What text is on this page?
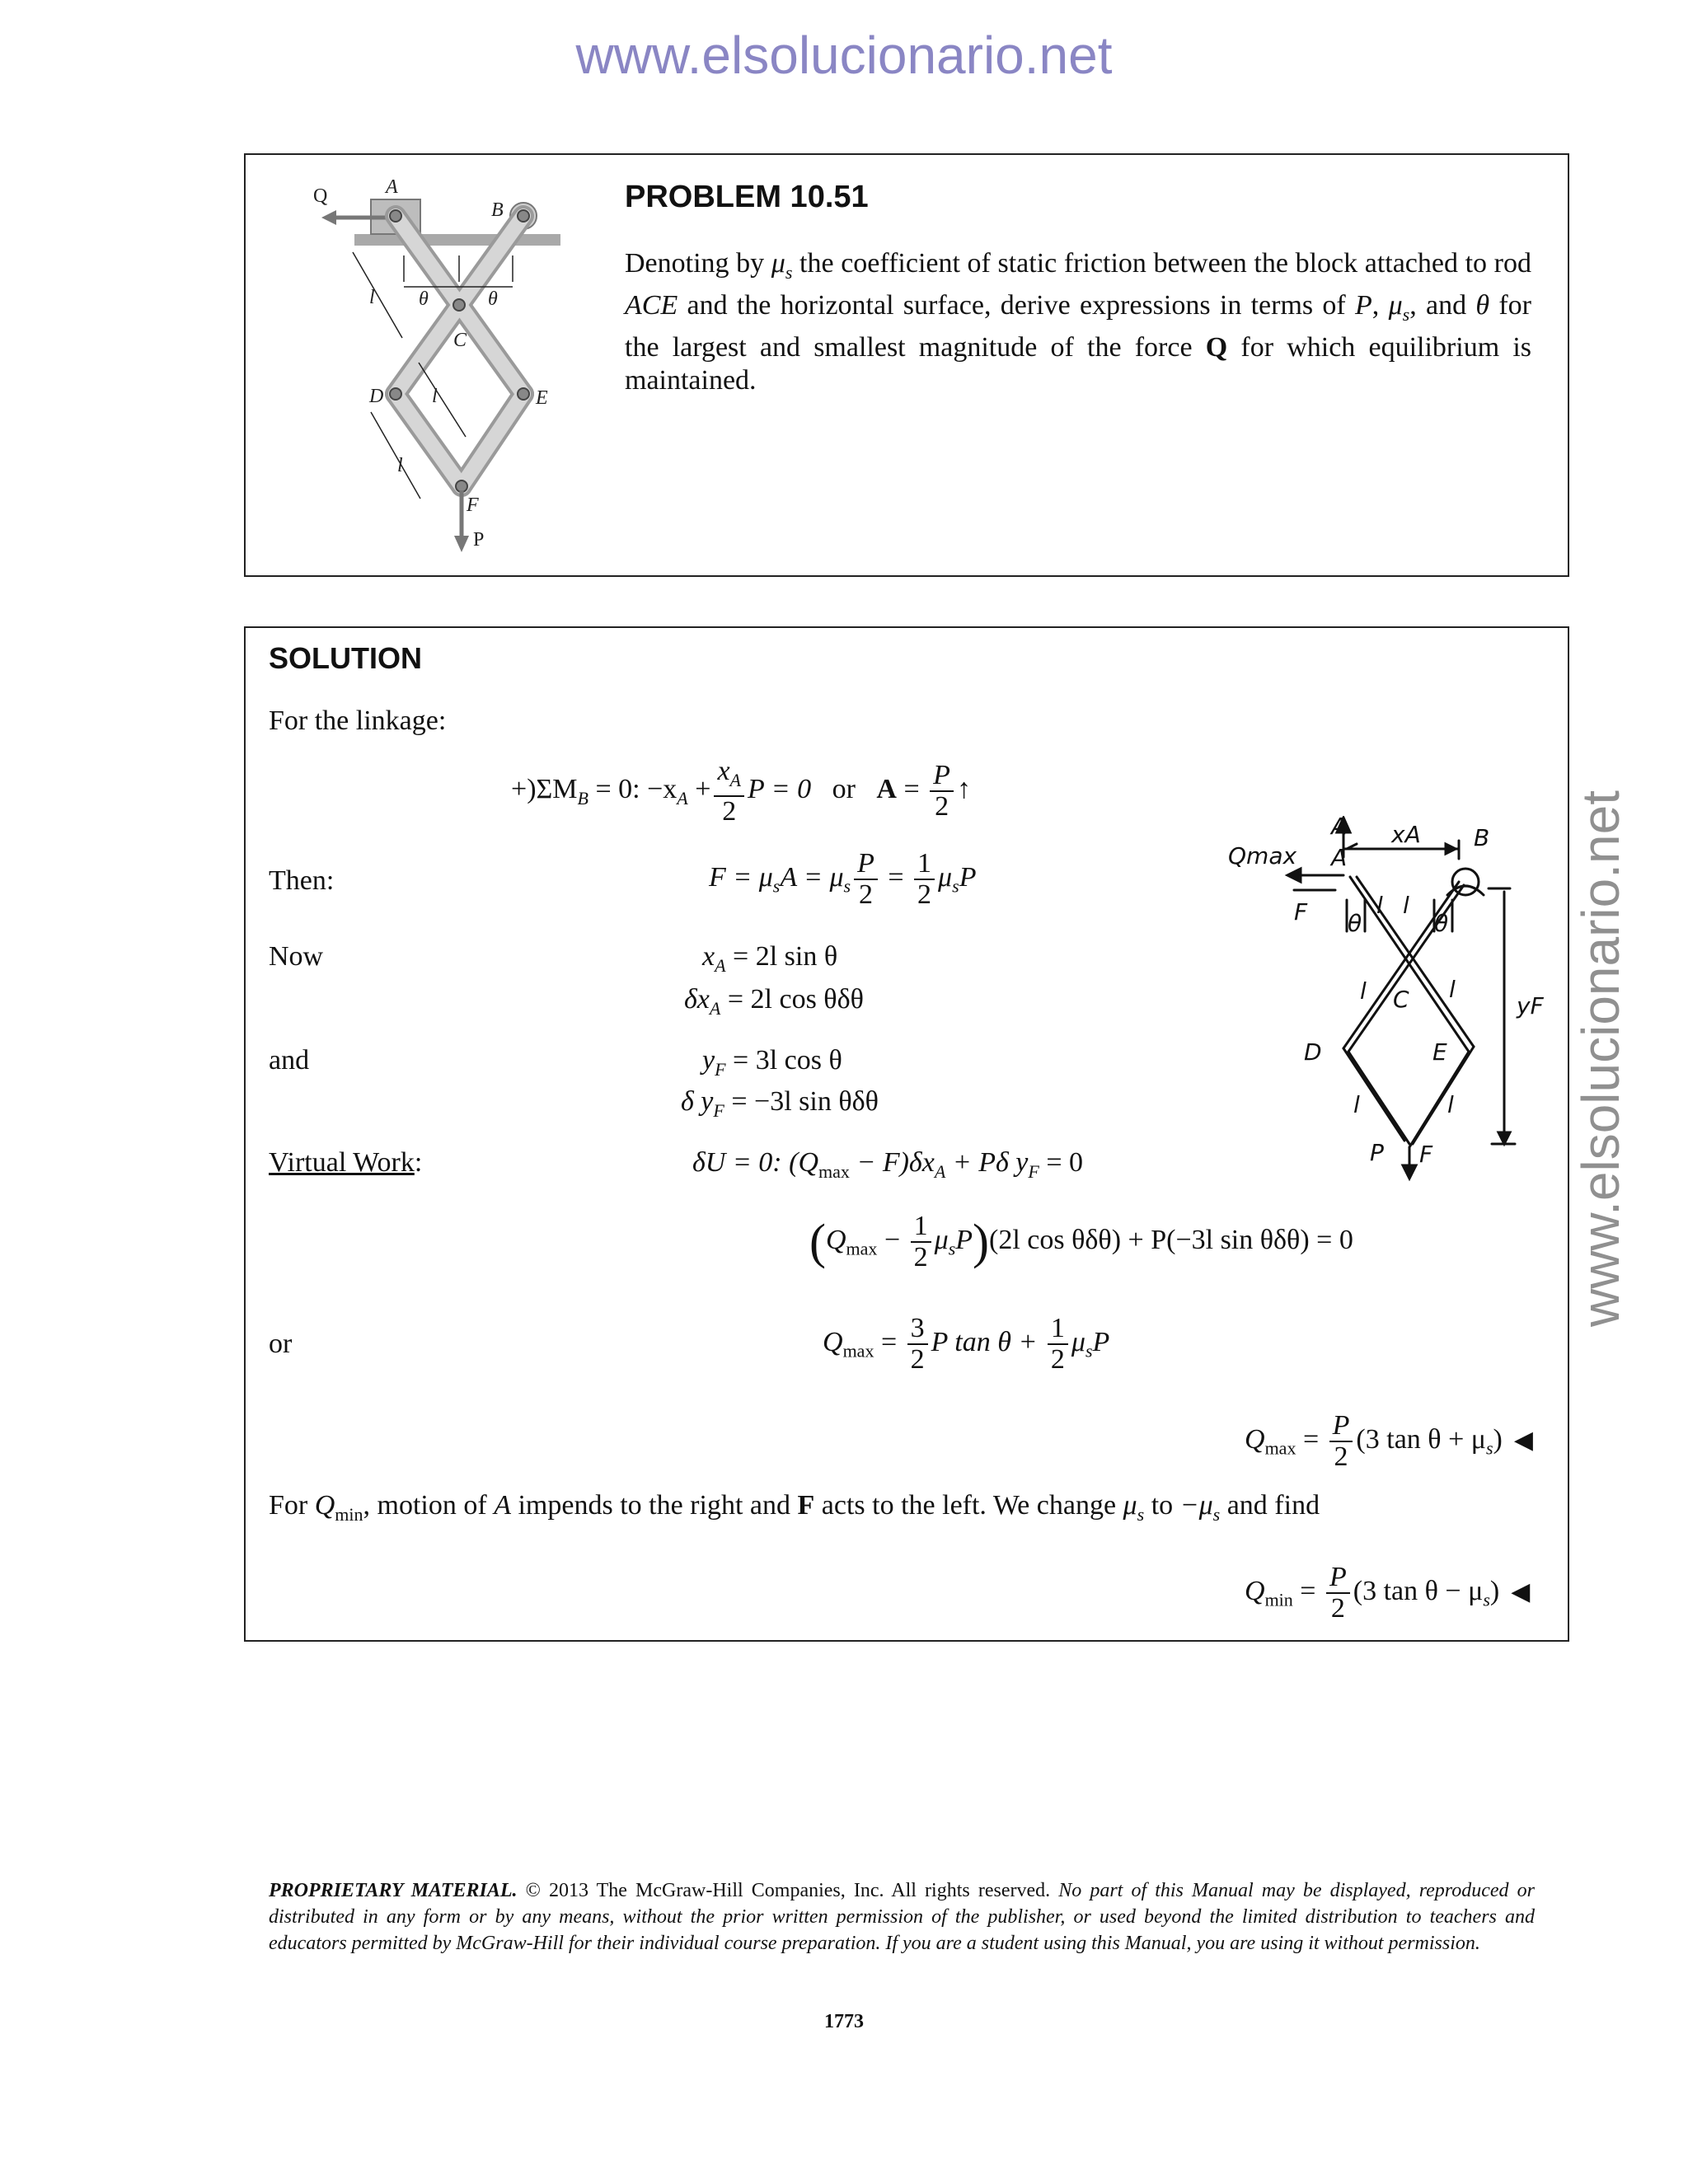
www.elsolucionario.net
www.elsolucionario.net
Q	A
B
C
D	E
F
P
l
l
l
θ	θ
PROBLEM 10.51
Denoting by $\mu_s$ the coefficient of static friction between the block attached to rod ACE and the horizontal surface, derive expressions in terms of P, $\mu_s$, and θ for the largest and smallest magnitude of the force Q for which equilibrium is maintained.
SOLUTION
For the linkage:
$+)\Sigma M_B = 0$: $-x_A + \frac{x_A}{2}$ P = 0 or $A = \frac{P}{2}$ ↑
Then:	$F = \mu_sA = \mu_s \frac{P}{2} = \frac{1}{2} \mu_sP$
Now	$x_A = 2l$ sin θ
$\delta x_A = 2l$ cos θδθ
and	$y_F = 3l$ cos θ
δ $y_F = -3l$ sin θδθ
Virtual Work:	δU = 0: $(Q_{max} - F)\delta x_A + P\delta$ $y_F = 0$
$(Q_{max} - \frac{1}{2} \mu_sP)(2l$ cos θδθ) + P(−3l sin θδθ) = 0
or	$Q_{max} = \frac{3}{2}$ P $\tan \theta + \frac{1}{2} \mu_sP$
$Q_{max} = \frac{P}{2} (3$ $\tan \theta + \mu_s$) ◀
For $Q_{min}$, motion of A impends to the right and F acts to the left. We change $\mu_s$ to $-\mu_s$ and find
$Q_{min} = \frac{P}{2} (3$ $\tan \theta - \mu_s$) ◀
A
A
xA B
Qmax
F	l l
θ	θ
l C l
yF
D	E
l	l
P F
PROPRIETARY MATERIAL. © 2013 The McGraw-Hill Companies, Inc. All rights reserved. No part of this Manual may be displayed, reproduced or distributed in any form or by any means, without the prior written permission of the publisher, or used beyond the limited distribution to teachers and educators permitted by McGraw-Hill for their individual course preparation. If you are a student using this Manual, you are using it without permission.
1773
